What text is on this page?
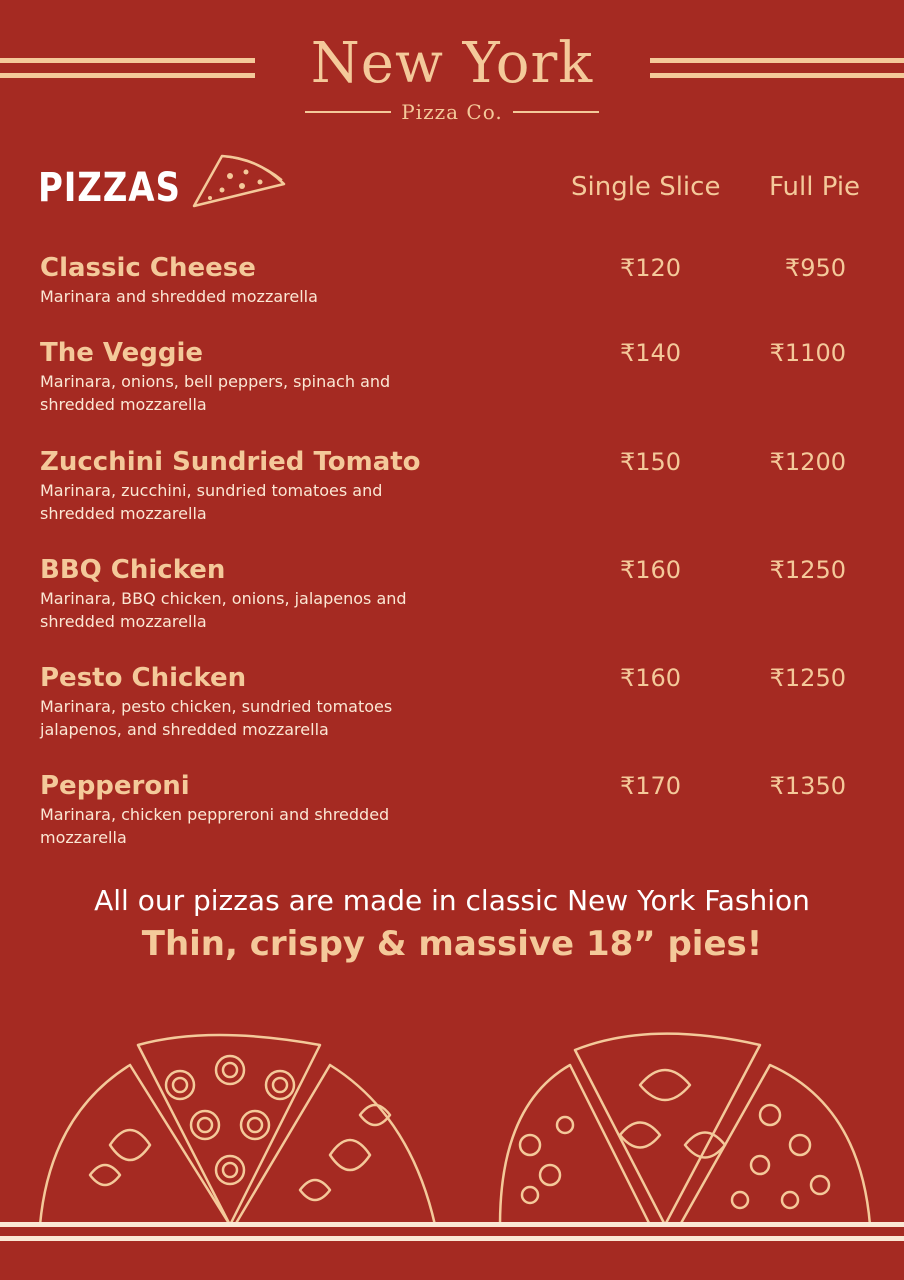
New York
Pizza Co.
PIZZAS	Single Slice Full Pie
Classic Cheese
Marinara and shredded mozzarella
₹120	₹950
The Veggie
Marinara, onions, bell peppers, spinach and shredded mozzarella
₹140	₹1100
Zucchini Sundried Tomato
Marinara, zucchini, sundried tomatoes and shredded mozzarella
₹150	₹1200
BBQ Chicken
Marinara, BBQ chicken, onions, jalapenos and shredded mozzarella
₹160	₹1250
Pesto Chicken
Marinara, pesto chicken, sundried tomatoes jalapenos, and shredded mozzarella
₹160	₹1250
Pepperoni
Marinara, chicken peppreroni and shredded mozzarella
₹170	₹1350
All our pizzas are made in classic New York Fashion
Thin, crispy & massive 18” pies!
